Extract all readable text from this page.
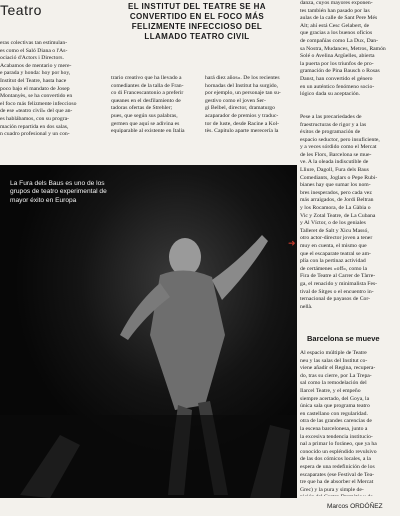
Teatro	EL INSTITUT DEL TEATRE SE HA CONVERTIDO EN EL FOCO MÁS FELIZMENTE INFECCIOSO DEL LLAMADO TEATRO CIVIL
eras colectivas tan estimulan-
es como el Saló Diana o l'As-
ociació d'Actors i Directors.
Acabamos de mentario y mere-
e parada y honda: hoy por hoy,
Institut del Teatre, hasta hace
poco bajo el mandato de Josep
Montanyès, se ha convertido en
el foco más felizmente infeccioso
de ese «teatro civil» del que an-
es hablábamos, con su progra-
mación repartida en dos salas,
n cuadro profesional y un con-
trario creativo que ha llevado a
comediantes de la talla de Fran-
co di Francescantonio a preferir
queanes en el desfilamiento de
tadoras ofertas de Strehler;
pues, que según sus palabras,
germen que aquí se adivina es
equiparable al existente en Italia
hará diez años». De los recientes
hornadas del Institut ha surgido,
por ejemplo, un personaje tan su-
gestivo como el joven Ser-
gi Belbel, director, dramaturgo
acaparador de premios y traduc-
tor de luste, desde Racine a Kol-
tès. Capitulo aparte merecería la
danza, cuyos mayores exponen-
tes también han pasado por las
aulas de la calle de Sant Pere Més
Alt; ahí está Cesc Gelabert, de
que gracias a los buenos oficios
de compañías como La Dux, Dan-
sa Nostra, Mudances, Metros, Ramón
Solé o Avelina Argüelles, abierta
la puerta por los triunfos de pro-
gramación de Pina Bausch o Rosas
Danst, han convertido el género
en un auténtico fenómeno socio-
lógico dada su aceptación.

Pese a las precariedades de
fraestructuras de rigor y a las
éxitos de programación de
espacio seductor, pero insuficiente,
y a veces sórdido como el Mercat
de les Flors, Barcelona se mue-
ve. A la oleada indiscutible de
Lliure, Dagoll, Fura dels Baus
Comediants, Joglars o Pepe Rubi-
bianes hay que sumar los nom-
bres inesperados, pero cada vez
más arraigados, de Jordi Beltran
y los Rocamora, de La Gàbia o
Vic y Zotal Teatre, de La Cubana
y Al Víctor, o de los geniales
Talleret de Salt y Xicu Massó,
otro actor-director joven a tener
muy en cuenta, el mismo que
que el escaparate teatral se am-
plía con la pertinaz actividad
de certámenes «off», como la
Fira de Teatre al Carrer de Tàrre-
ga, el renacido y minimalista Fes-
tival de Sitges o el encuentro in-
ternacional de payasos de Cor-
nellà.
Barcelona se mueve
Al espacio múltiple de Teatre
neu y las salas del Institut co-
viene añadir el Regina, recupera-
do, tras su cierre, por La Trepa-
sal como la remodelación del
Ilarcel Teatre, y el empeño
siempre acertado, del Goya, la
única sala que programa teatro
en castellano con regularidad.
otra de las grandes carencias de
la escena barcelonesa, junto a
la excesiva tendencia institucio-
nal a primar lo foráneo, que ya ha
conocido un espléndido revulsivo
de las dos cómicos locales, a la
espera de una redefinición de los
escaparates (ese Festival de Tea-
tre que ha de absorber el Mercat
Grec) y la pura y simple de-

La Fura dels Baus es uno de los grupos de teatro experimental de mayor éxito en Europa
➜
Marcos ORDÓÑEZ
